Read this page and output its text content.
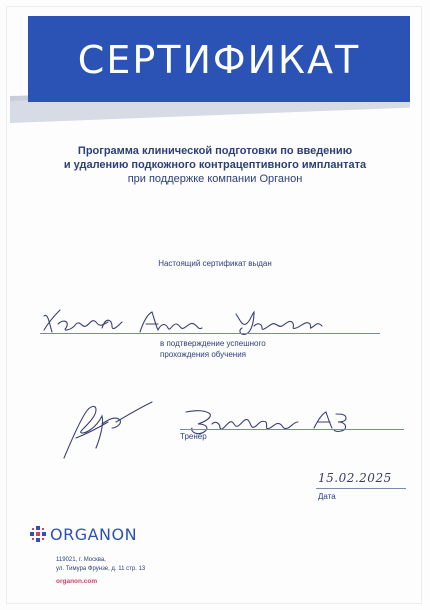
СЕРТИФИКАТ
Программа клинической подготовки по введению
и удалению подкожного контрацептивного имплантата
при поддержке компании Органон
Настоящий сертификат выдан
в подтверждение успешного
прохождения обучения
Тренер
15.02.2025
Дата
ORGANON
119021, г. Москва,
ул. Тимура Фрунзе, д. 11 стр. 13
organon.com
